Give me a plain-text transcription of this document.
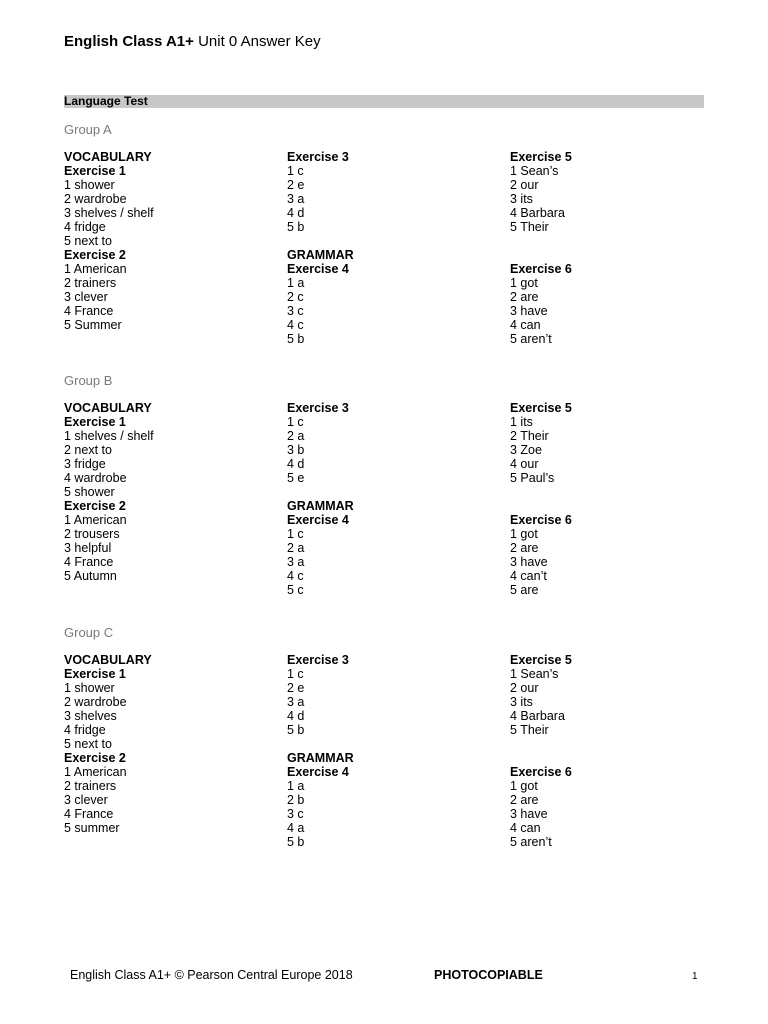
English Class A1+ Unit 0 Answer Key
Language Test
Group A
VOCABULARY
Exercise 1
1 shower
2 wardrobe
3 shelves / shelf
4 fridge
5 next to
Exercise 2
1 American
2 trainers
3 clever
4 France
5 Summer
Exercise 3
1 c
2 e
3 a
4 d
5 b
GRAMMAR
Exercise 4
1 a
2 c
3 c
4 c
5 b
Exercise 5
1 Sean’s
2 our
3 its
4 Barbara
5 Their
Exercise 6
1 got
2 are
3 have
4 can
5 aren’t
Group B
VOCABULARY
Exercise 1
1 shelves / shelf
2 next to
3 fridge
4 wardrobe
5 shower
Exercise 2
1 American
2 trousers
3 helpful
4 France
5 Autumn
Exercise 3
1 c
2 a
3 b
4 d
5 e
GRAMMAR
Exercise 4
1 c
2 a
3 a
4 c
5 c
Exercise 5
1 its
2 Their
3 Zoe
4 our
5 Paul’s
Exercise 6
1 got
2 are
3 have
4 can’t
5 are
Group C
VOCABULARY
Exercise 1
1 shower
2 wardrobe
3 shelves
4 fridge
5 next to
Exercise 2
1 American
2 trainers
3 clever
4 France
5 summer
Exercise 3
1 c
2 e
3 a
4 d
5 b
GRAMMAR
Exercise 4
1 a
2 b
3 c
4 a
5 b
Exercise 5
1 Sean’s
2 our
3 its
4 Barbara
5 Their
Exercise 6
1 got
2 are
3 have
4 can
5 aren’t
English Class A1+ © Pearson Central Europe 2018	PHOTOCOPIABLE	1
